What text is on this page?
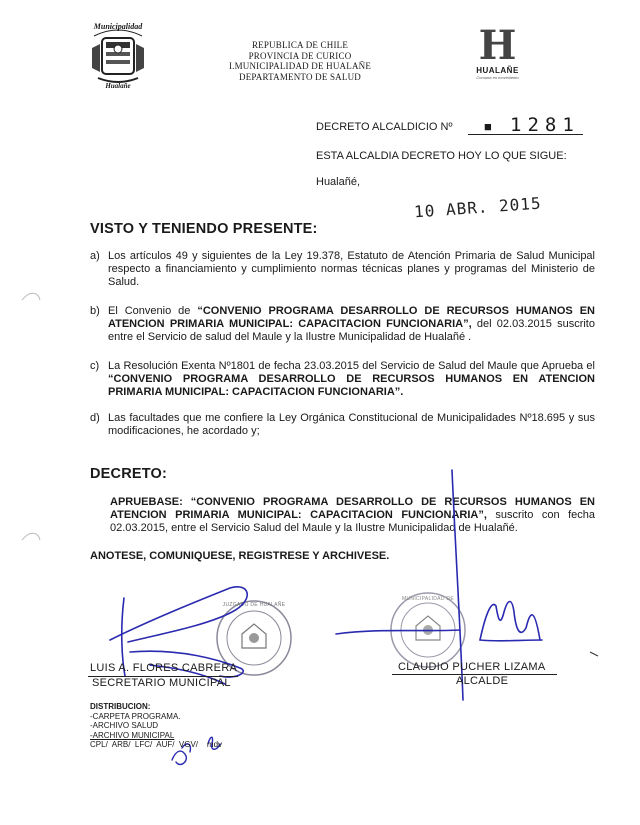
Municipalidad
Hualañe
REPUBLICA DE CHILE
PROVINCIA DE CURICO
I.MUNICIPALIDAD DE HUALAÑE
DEPARTAMENTO DE SALUD
H
HUALAÑE
Comuna en movimiento
DECRETO ALCALDICIO Nº ■ 1281
ESTA ALCALDIA DECRETO HOY LO QUE SIGUE:
Hualañé,
10 ABR. 2015
VISTO Y TENIENDO PRESENTE:
a) Los artículos 49 y siguientes de la Ley 19.378, Estatuto de Atención Primaria de Salud Municipal respecto a financiamiento y cumplimiento normas técnicas planes y programas del Ministerio de Salud.
b) El Convenio de “CONVENIO PROGRAMA DESARROLLO DE RECURSOS HUMANOS EN ATENCION PRIMARIA MUNICIPAL: CAPACITACION FUNCIONARIA”, del 02.03.2015 suscrito entre el Servicio de salud del Maule y la Ilustre Municipalidad de Hualañé .
c) La Resolución Exenta Nº1801 de fecha 23.03.2015 del Servicio de Salud del Maule que Aprueba el “CONVENIO PROGRAMA DESARROLLO DE RECURSOS HUMANOS EN ATENCION PRIMARIA MUNICIPAL: CAPACITACION FUNCIONARIA”.
d) Las facultades que me confiere la Ley Orgánica Constitucional de Municipalidades Nº18.695 y sus modificaciones, he acordado y;
DECRETO:
APRUEBASE: “CONVENIO PROGRAMA DESARROLLO DE RECURSOS HUMANOS EN ATENCION PRIMARIA MUNICIPAL: CAPACITACION FUNCIONARIA”, suscrito con fecha 02.03.2015, entre el Servicio Salud del Maule y la Ilustre Municipalidad de Hualañé.
ANOTESE, COMUNIQUESE, REGISTRESE Y ARCHIVESE.
JUZGADO DE HUALAÑE
MUNICIPALIDAD DE
LUIS A. FLORES CABRERA
SECRETARIO MUNICIPAL
CLAUDIO PUCHER LIZAMA
ALCALDE
DISTRIBUCION:
-CARPETA PROGRAMA.
-ARCHIVO SALUD
-ARCHIVO MUNICIPAL
CPL/  ARB/  LFC/  AUF/  VGV/    mdv
